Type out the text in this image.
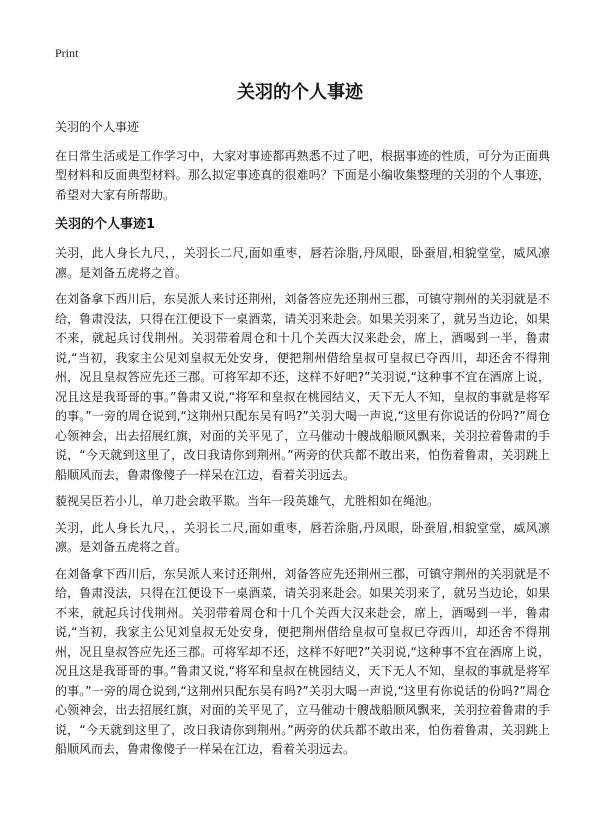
Print
关羽的个人事迹

关羽的个人事迹

在日常生活或是工作学习中，大家对事迹都再熟悉不过了吧，根据事迹的性质，可分为正面典型材料和反面典型材料。那么拟定事迹真的很难吗？下面是小编收集整理的关羽的个人事迹，希望对大家有所帮助。

关羽的个人事迹1

关羽，此人身长九尺，，关羽长二尺,面如重枣，唇若涂脂,丹凤眼，卧蚕眉,相貌堂堂，威风凛凛。是刘备五虎将之首。

在刘备拿下西川后，东吴派人来讨还荆州，刘备答应先还荆州三郡，可镇守荆州的关羽就是不给，鲁肃没法，只得在江便设下一桌酒菜，请关羽来赴会。如果关羽来了，就另当边论，如果不来，就起兵讨伐荆州。关羽带着周仓和十几个关西大汉来赴会，席上，酒喝到一半，鲁肃说,“当初，我家主公见刘皇叔无处安身，便把荆州借给皇叔可皇叔已夺西川，却还舍不得荆州，况且皇叔答应先还三郡。可将军却不还，这样不好吧?”关羽说,“这种事不宜在酒席上说，况且这是我哥哥的事。”鲁肃又说,“将军和皇叔在桃园结义，天下无人不知，皇叔的事就是将军的事。”一旁的周仓说到,“这荆州只配东吴有吗?”关羽大喝一声说,“这里有你说话的份吗?”周仓心领神会，出去招展红旗，对面的关平见了，立马催动十艘战船顺风飘来，关羽拉着鲁肃的手说，“今天就到这里了，改日我请你到荆州。”两旁的伏兵都不敢出来，怕伤着鲁肃，关羽跳上船顺风而去，鲁肃像傻子一样呆在江边，看着关羽远去。

藐视吴臣若小儿，单刀赴会敢平欺。当年一段英雄气，尤胜相如在绳池。

关羽，此人身长九尺，，关羽长二尺,面如重枣，唇若涂脂,丹凤眼，卧蚕眉,相貌堂堂，威风凛凛。是刘备五虎将之首。

在刘备拿下西川后，东吴派人来讨还荆州，刘备答应先还荆州三郡，可镇守荆州的关羽就是不给，鲁肃没法，只得在江便设下一桌酒菜，请关羽来赴会。如果关羽来了，就另当边论，如果不来，就起兵讨伐荆州。关羽带着周仓和十几个关西大汉来赴会，席上，酒喝到一半，鲁肃说,“当初，我家主公见刘皇叔无处安身，便把荆州借给皇叔可皇叔已夺西川，却还舍不得荆州，况且皇叔答应先还三郡。可将军却不还，这样不好吧?”关羽说,“这种事不宜在酒席上说，况且这是我哥哥的事。”鲁肃又说,“将军和皇叔在桃园结义，天下无人不知，皇叔的事就是将军的事。”一旁的周仓说到,“这荆州只配东吴有吗?”关羽大喝一声说,“这里有你说话的份吗?”周仓心领神会，出去招展红旗，对面的关平见了，立马催动十艘战船顺风飘来，关羽拉着鲁肃的手说，“今天就到这里了，改日我请你到荆州。”两旁的伏兵都不敢出来，怕伤着鲁肃，关羽跳上船顺风而去，鲁肃像傻子一样呆在江边，看着关羽远去。
